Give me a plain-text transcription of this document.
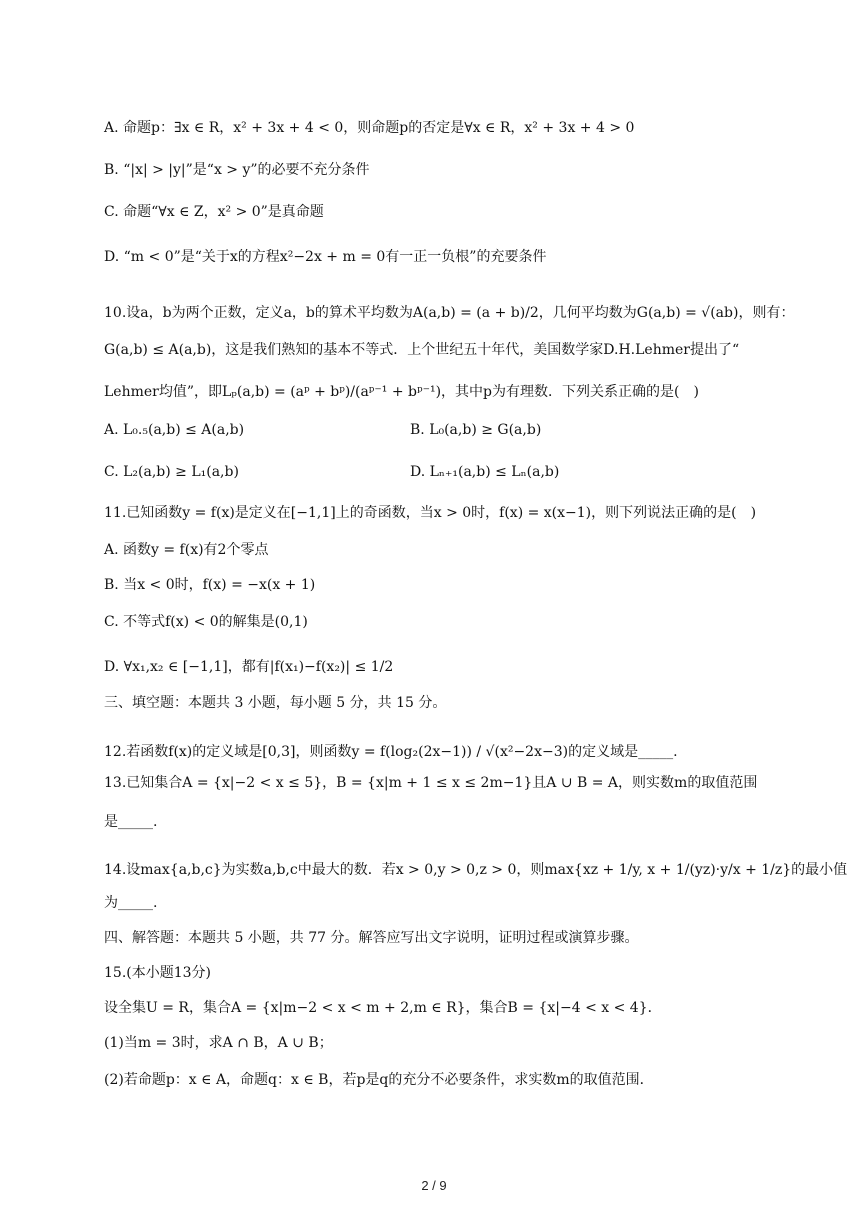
A. 命题p：∃x ∈ R，x² + 3x + 4 < 0，则命题p的否定是∀x ∈ R，x² + 3x + 4 > 0
B. “|x| > |y|”是“x > y”的必要不充分条件
C. 命题“∀x ∈ Z，x² > 0”是真命题
D. “m < 0”是“关于x的方程x²−2x + m = 0有一正一负根”的充要条件
10.设a，b为两个正数，定义a，b的算术平均数为A(a,b) = (a + b)/2，几何平均数为G(a,b) = √(ab)，则有：
G(a,b) ≤ A(a,b)，这是我们熟知的基本不等式．上个世纪五十年代，美国数学家D.H.Lehmer提出了“
Lehmer均值”，即Lₚ(a,b) = (aᵖ + bᵖ)/(aᵖ⁻¹ + bᵖ⁻¹)，其中p为有理数．下列关系正确的是(　)
A. L₀.₅(a,b) ≤ A(a,b)	B. L₀(a,b) ≥ G(a,b)
C. L₂(a,b) ≥ L₁(a,b)	D. Lₙ₊₁(a,b) ≤ Lₙ(a,b)
11.已知函数y = f(x)是定义在[−1,1]上的奇函数，当x > 0时，f(x) = x(x−1)，则下列说法正确的是(　)
A. 函数y = f(x)有2个零点
B. 当x < 0时，f(x) = −x(x + 1)
C. 不等式f(x) < 0的解集是(0,1)
D. ∀x₁,x₂ ∈ [−1,1]，都有|f(x₁)−f(x₂)| ≤ 1/2
三、填空题：本题共 3 小题，每小题 5 分，共 15 分。
12.若函数f(x)的定义域是[0,3]，则函数y = f(log₂(2x−1)) / √(x²−2x−3)的定义域是_____.
13.已知集合A = {x|−2 < x ≤ 5}，B = {x|m + 1 ≤ x ≤ 2m−1}且A ∪ B = A，则实数m的取值范围
是_____.
14.设max{a,b,c}为实数a,b,c中最大的数．若x > 0,y > 0,z > 0，则max{xz + 1/y, x + 1/(yz)·y/x + 1/z}的最小值
为_____.
四、解答题：本题共 5 小题，共 77 分。解答应写出文字说明，证明过程或演算步骤。
15.(本小题13分)
设全集U = R，集合A = {x|m−2 < x < m + 2,m ∈ R}，集合B = {x|−4 < x < 4}．
(1)当m = 3时，求A ∩ B，A ∪ B；
(2)若命题p：x ∈ A，命题q：x ∈ B，若p是q的充分不必要条件，求实数m的取值范围．
2 / 9
